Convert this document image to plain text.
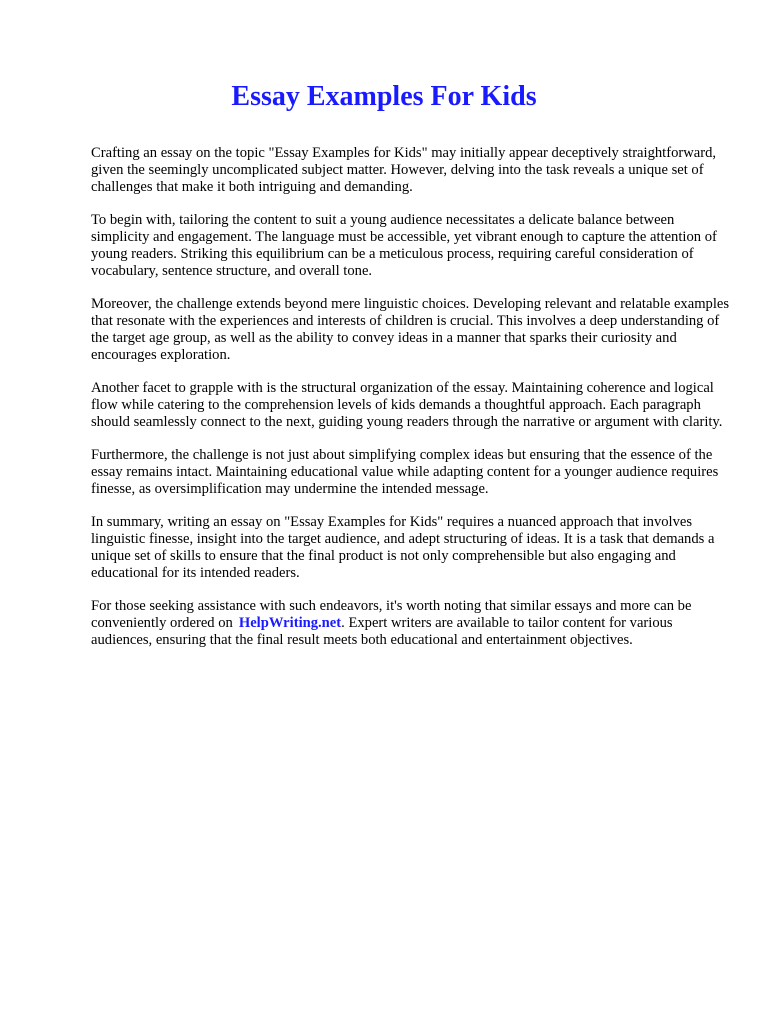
Essay Examples For Kids

Crafting an essay on the topic "Essay Examples for Kids" may initially appear deceptively straightforward, given the seemingly uncomplicated subject matter. However, delving into the task reveals a unique set of challenges that make it both intriguing and demanding.

To begin with, tailoring the content to suit a young audience necessitates a delicate balance between simplicity and engagement. The language must be accessible, yet vibrant enough to capture the attention of young readers. Striking this equilibrium can be a meticulous process, requiring careful consideration of vocabulary, sentence structure, and overall tone.

Moreover, the challenge extends beyond mere linguistic choices. Developing relevant and relatable examples that resonate with the experiences and interests of children is crucial. This involves a deep understanding of the target age group, as well as the ability to convey ideas in a manner that sparks their curiosity and encourages exploration.

Another facet to grapple with is the structural organization of the essay. Maintaining coherence and logical flow while catering to the comprehension levels of kids demands a thoughtful approach. Each paragraph should seamlessly connect to the next, guiding young readers through the narrative or argument with clarity.

Furthermore, the challenge is not just about simplifying complex ideas but ensuring that the essence of the essay remains intact. Maintaining educational value while adapting content for a younger audience requires finesse, as oversimplification may undermine the intended message.

In summary, writing an essay on "Essay Examples for Kids" requires a nuanced approach that involves linguistic finesse, insight into the target audience, and adept structuring of ideas. It is a task that demands a unique set of skills to ensure that the final product is not only comprehensible but also engaging and educational for its intended readers.

For those seeking assistance with such endeavors, it's worth noting that similar essays and more can be conveniently ordered on HelpWriting.net. Expert writers are available to tailor content for various audiences, ensuring that the final result meets both educational and entertainment objectives.
